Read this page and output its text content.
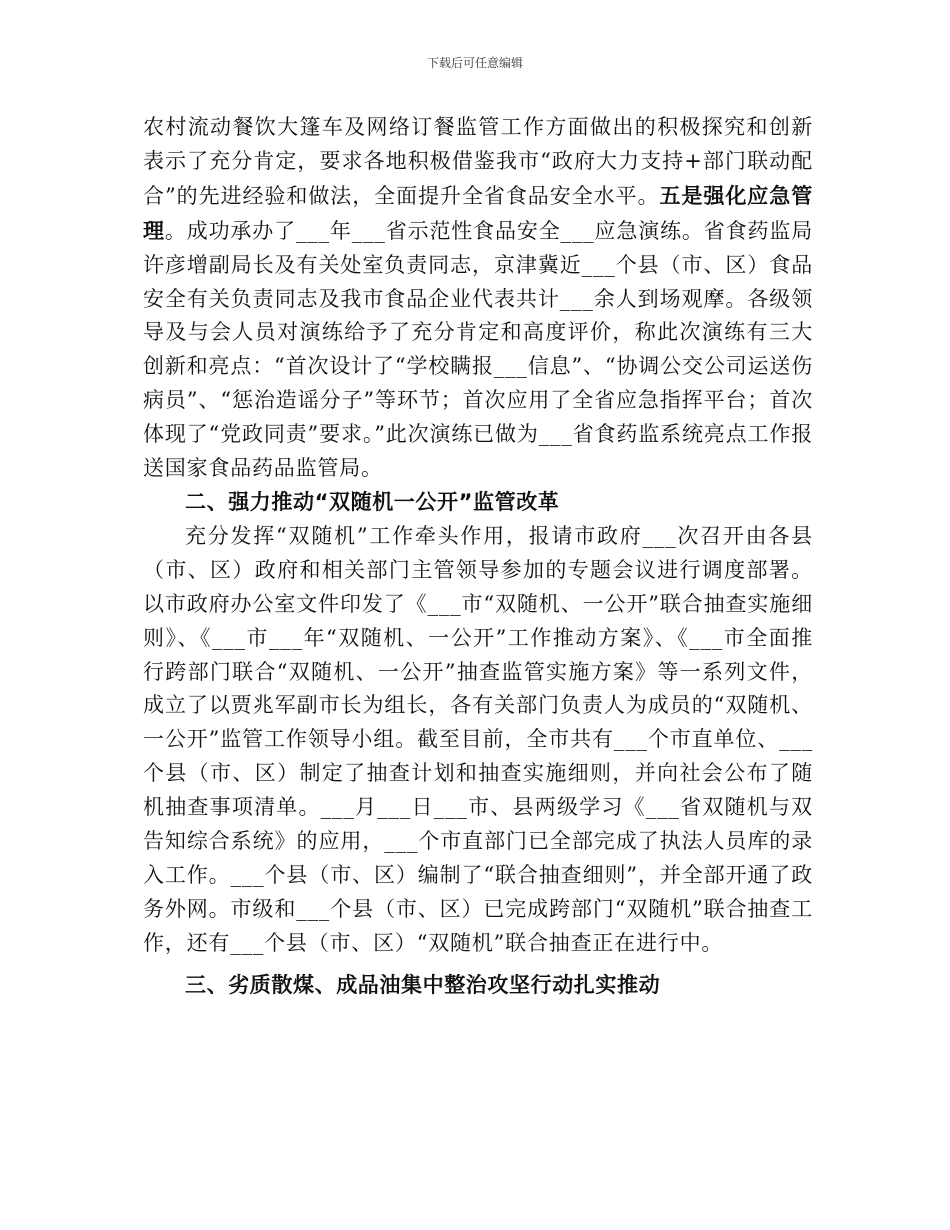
下载后可任意编辑

农村流动餐饮大篷车及网络订餐监管工作方面做出的积极探究和创新表示了充分肯定，要求各地积极借鉴我市“政府大力支持+部门联动配合”的先进经验和做法，全面提升全省食品安全水平。五是强化应急管理。成功承办了___年___省示范性食品安全___应急演练。省食药监局许彦增副局长及有关处室负责同志，京津冀近___个县（市、区）食品安全有关负责同志及我市食品企业代表共计___余人到场观摩。各级领导及与会人员对演练给予了充分肯定和高度评价，称此次演练有三大创新和亮点：“首次设计了“学校瞒报___信息”、“协调公交公司运送伤病员”、“惩治造谣分子”等环节；首次应用了全省应急指挥平台；首次体现了“党政同责”要求。”此次演练已做为___省食药监系统亮点工作报送国家食品药品监管局。

二、强力推动“双随机一公开”监管改革

充分发挥“双随机”工作牵头作用，报请市政府___次召开由各县（市、区）政府和相关部门主管领导参加的专题会议进行调度部署。以市政府办公室文件印发了《___市“双随机、一公开”联合抽查实施细则》、《___市___年“双随机、一公开”工作推动方案》、《___市全面推行跨部门联合“双随机、一公开”抽查监管实施方案》等一系列文件，成立了以贾兆军副市长为组长，各有关部门负责人为成员的“双随机、一公开”监管工作领导小组。截至目前，全市共有___个市直单位、___个县（市、区）制定了抽查计划和抽查实施细则，并向社会公布了随机抽查事项清单。___月___日___市、县两级学习《___省双随机与双告知综合系统》的应用，___个市直部门已全部完成了执法人员库的录入工作。___个县（市、区）编制了“联合抽查细则”，并全部开通了政务外网。市级和___个县（市、区）已完成跨部门“双随机”联合抽查工作，还有___个县（市、区）“双随机”联合抽查正在进行中。

三、劣质散煤、成品油集中整治攻坚行动扎实推动
